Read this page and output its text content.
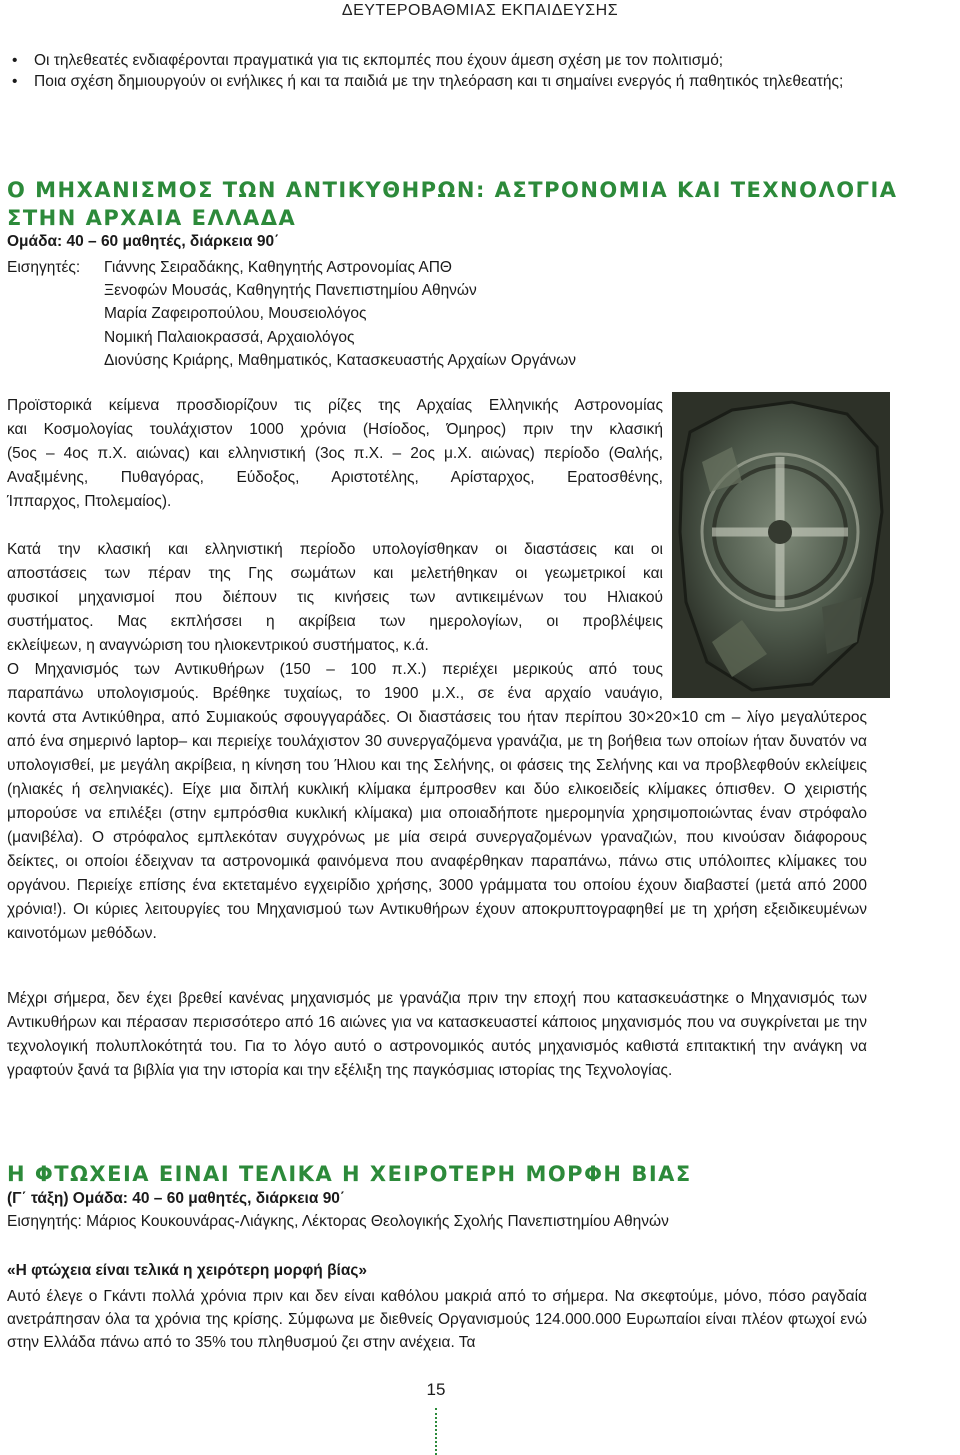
ΔΕΥΤΕΡΟΒΑΘΜΙΑΣ ΕΚΠΑΙΔΕΥΣΗΣ
• Οι τηλεθεατές ενδιαφέρονται πραγματικά για τις εκπομπές που έχουν άμεση σχέση με τον πολιτισμό;
• Ποια σχέση δημιουργούν οι ενήλικες ή και τα παιδιά με την τηλεόραση και τι σημαίνει ενεργός ή παθητικός τηλεθεατής;
Ο ΜΗΧΑΝΙΣΜΟΣ ΤΩΝ ΑΝΤΙΚΥΘΗΡΩΝ: ΑΣΤΡΟΝΟΜΙΑ ΚΑΙ ΤΕΧΝΟΛΟΓΙΑ
ΣΤΗΝ ΑΡΧΑΙΑ ΕΛΛΑΔΑ
Ομάδα: 40 – 60 μαθητές, διάρκεια 90΄
Εισηγητές: Γιάννης Σειραδάκης, Καθηγητής Αστρονομίας ΑΠΘ
Ξενοφών Μουσάς, Καθηγητής Πανεπιστημίου Αθηνών
Μαρία Ζαφειροπούλου, Μουσειολόγος
Νομική Παλαιοκρασσά, Αρχαιολόγος
Διονύσης Κριάρης, Μαθηματικός, Κατασκευαστής Αρχαίων Οργάνων
Προϊστορικά κείμενα προσδιορίζουν τις ρίζες της Αρχαίας Ελληνικής Αστρονομίας
και Κοσμολογίας τουλάχιστον 1000 χρόνια (Ησίοδος, Όμηρος) πριν την κλασική
(5ος – 4ος π.Χ. αιώνας) και ελληνιστική (3ος π.Χ. – 2ος μ.Χ. αιώνας) περίοδο (Θαλής,
Αναξιμένης, Πυθαγόρας, Εύδοξος, Αριστοτέλης, Αρίσταρχος, Ερατοσθένης,
Ίππαρχος, Πτολεμαίος).
Κατά την κλασική και ελληνιστική περίοδο υπολογίσθηκαν οι διαστάσεις και οι
αποστάσεις των πέραν της Γης σωμάτων και μελετήθηκαν οι γεωμετρικοί και
φυσικοί μηχανισμοί που διέπουν τις κινήσεις των αντικειμένων του Ηλιακού
συστήματος. Μας εκπλήσσει η ακρίβεια των ημερολογίων, οι προβλέψεις
εκλείψεων, η αναγνώριση του ηλιοκεντρικού συστήματος, κ.ά.
Ο Μηχανισμός των Αντικυθήρων (150 – 100 π.Χ.) περιέχει μερικούς από τους
παραπάνω υπολογισμούς. Βρέθηκε τυχαίως, το 1900 μ.Χ., σε ένα αρχαίο ναυάγιο,
κοντά στα Αντικύθηρα, από Συμιακούς σφουγγαράδες. Οι διαστάσεις του ήταν περίπου 30×20×10 cm – λίγο μεγαλύτερος από ένα σημερινό laptop– και περιείχε τουλάχιστον 30 συνεργαζόμενα γρανάζια, με τη βοήθεια των οποίων ήταν δυνατόν να υπολογισθεί, με μεγάλη ακρίβεια, η κίνηση του Ήλιου και της Σελήνης, οι φάσεις της Σελήνης και να προβλεφθούν εκλείψεις (ηλιακές ή σεληνιακές). Είχε μια διπλή κυκλική κλίμακα έμπροσθεν και δύο ελικοειδείς κλίμακες όπισθεν. Ο χειριστής μπορούσε να επιλέξει (στην εμπρόσθια κυκλική κλίμακα) μια οποιαδήποτε ημερομηνία χρησιμοποιώντας έναν στρόφαλο (μανιβέλα). Ο στρόφαλος εμπλεκόταν συγχρόνως με μία σειρά συνεργαζομένων γραναζιών, που κινούσαν διάφορους δείκτες, οι οποίοι έδειχναν τα αστρονομικά φαινόμενα που αναφέρθηκαν παραπάνω, πάνω στις υπόλοιπες κλίμακες του οργάνου. Περιείχε επίσης ένα εκτεταμένο εγχειρίδιο χρήσης, 3000 γράμματα του οποίου έχουν διαβαστεί (μετά από 2000 χρόνια!). Οι κύριες λειτουργίες του Μηχανισμού των Αντικυθήρων έχουν αποκρυπτογραφηθεί με τη χρήση εξειδικευμένων καινοτόμων μεθόδων.
Μέχρι σήμερα, δεν έχει βρεθεί κανένας μηχανισμός με γρανάζια πριν την εποχή που κατασκευάστηκε ο Μηχανισμός των Αντικυθήρων και πέρασαν περισσότερο από 16 αιώνες για να κατασκευαστεί κάποιος μηχανισμός που να συγκρίνεται με την τεχνολογική πολυπλοκότητά του. Για το λόγο αυτό ο αστρονομικός αυτός μηχανισμός καθιστά επιτακτική την ανάγκη να γραφτούν ξανά τα βιβλία για την ιστορία και την εξέλιξη της παγκόσμιας ιστορίας της Τεχνολογίας.
Η ΦΤΩΧΕΙΑ ΕΙΝΑΙ ΤΕΛΙΚΑ Η ΧΕΙΡΟΤΕΡΗ ΜΟΡΦΗ ΒΙΑΣ
(Γ΄ τάξη) Ομάδα: 40 – 60 μαθητές, διάρκεια 90΄
Εισηγητής: Μάριος Κουκουνάρας-Λιάγκης, Λέκτορας Θεολογικής Σχολής Πανεπιστημίου Αθηνών
«Η φτώχεια είναι τελικά η χειρότερη μορφή βίας»
Αυτό έλεγε ο Γκάντι πολλά χρόνια πριν και δεν είναι καθόλου μακριά από το σήμερα. Να σκεφτούμε, μόνο, πόσο ραγδαία ανετράπησαν όλα τα χρόνια της κρίσης. Σύμφωνα με διεθνείς Οργανισμούς 124.000.000 Ευρωπαίοι είναι πλέον φτωχοί ενώ στην Ελλάδα πάνω από το 35% του πληθυσμού ζει στην ανέχεια. Τα
15
